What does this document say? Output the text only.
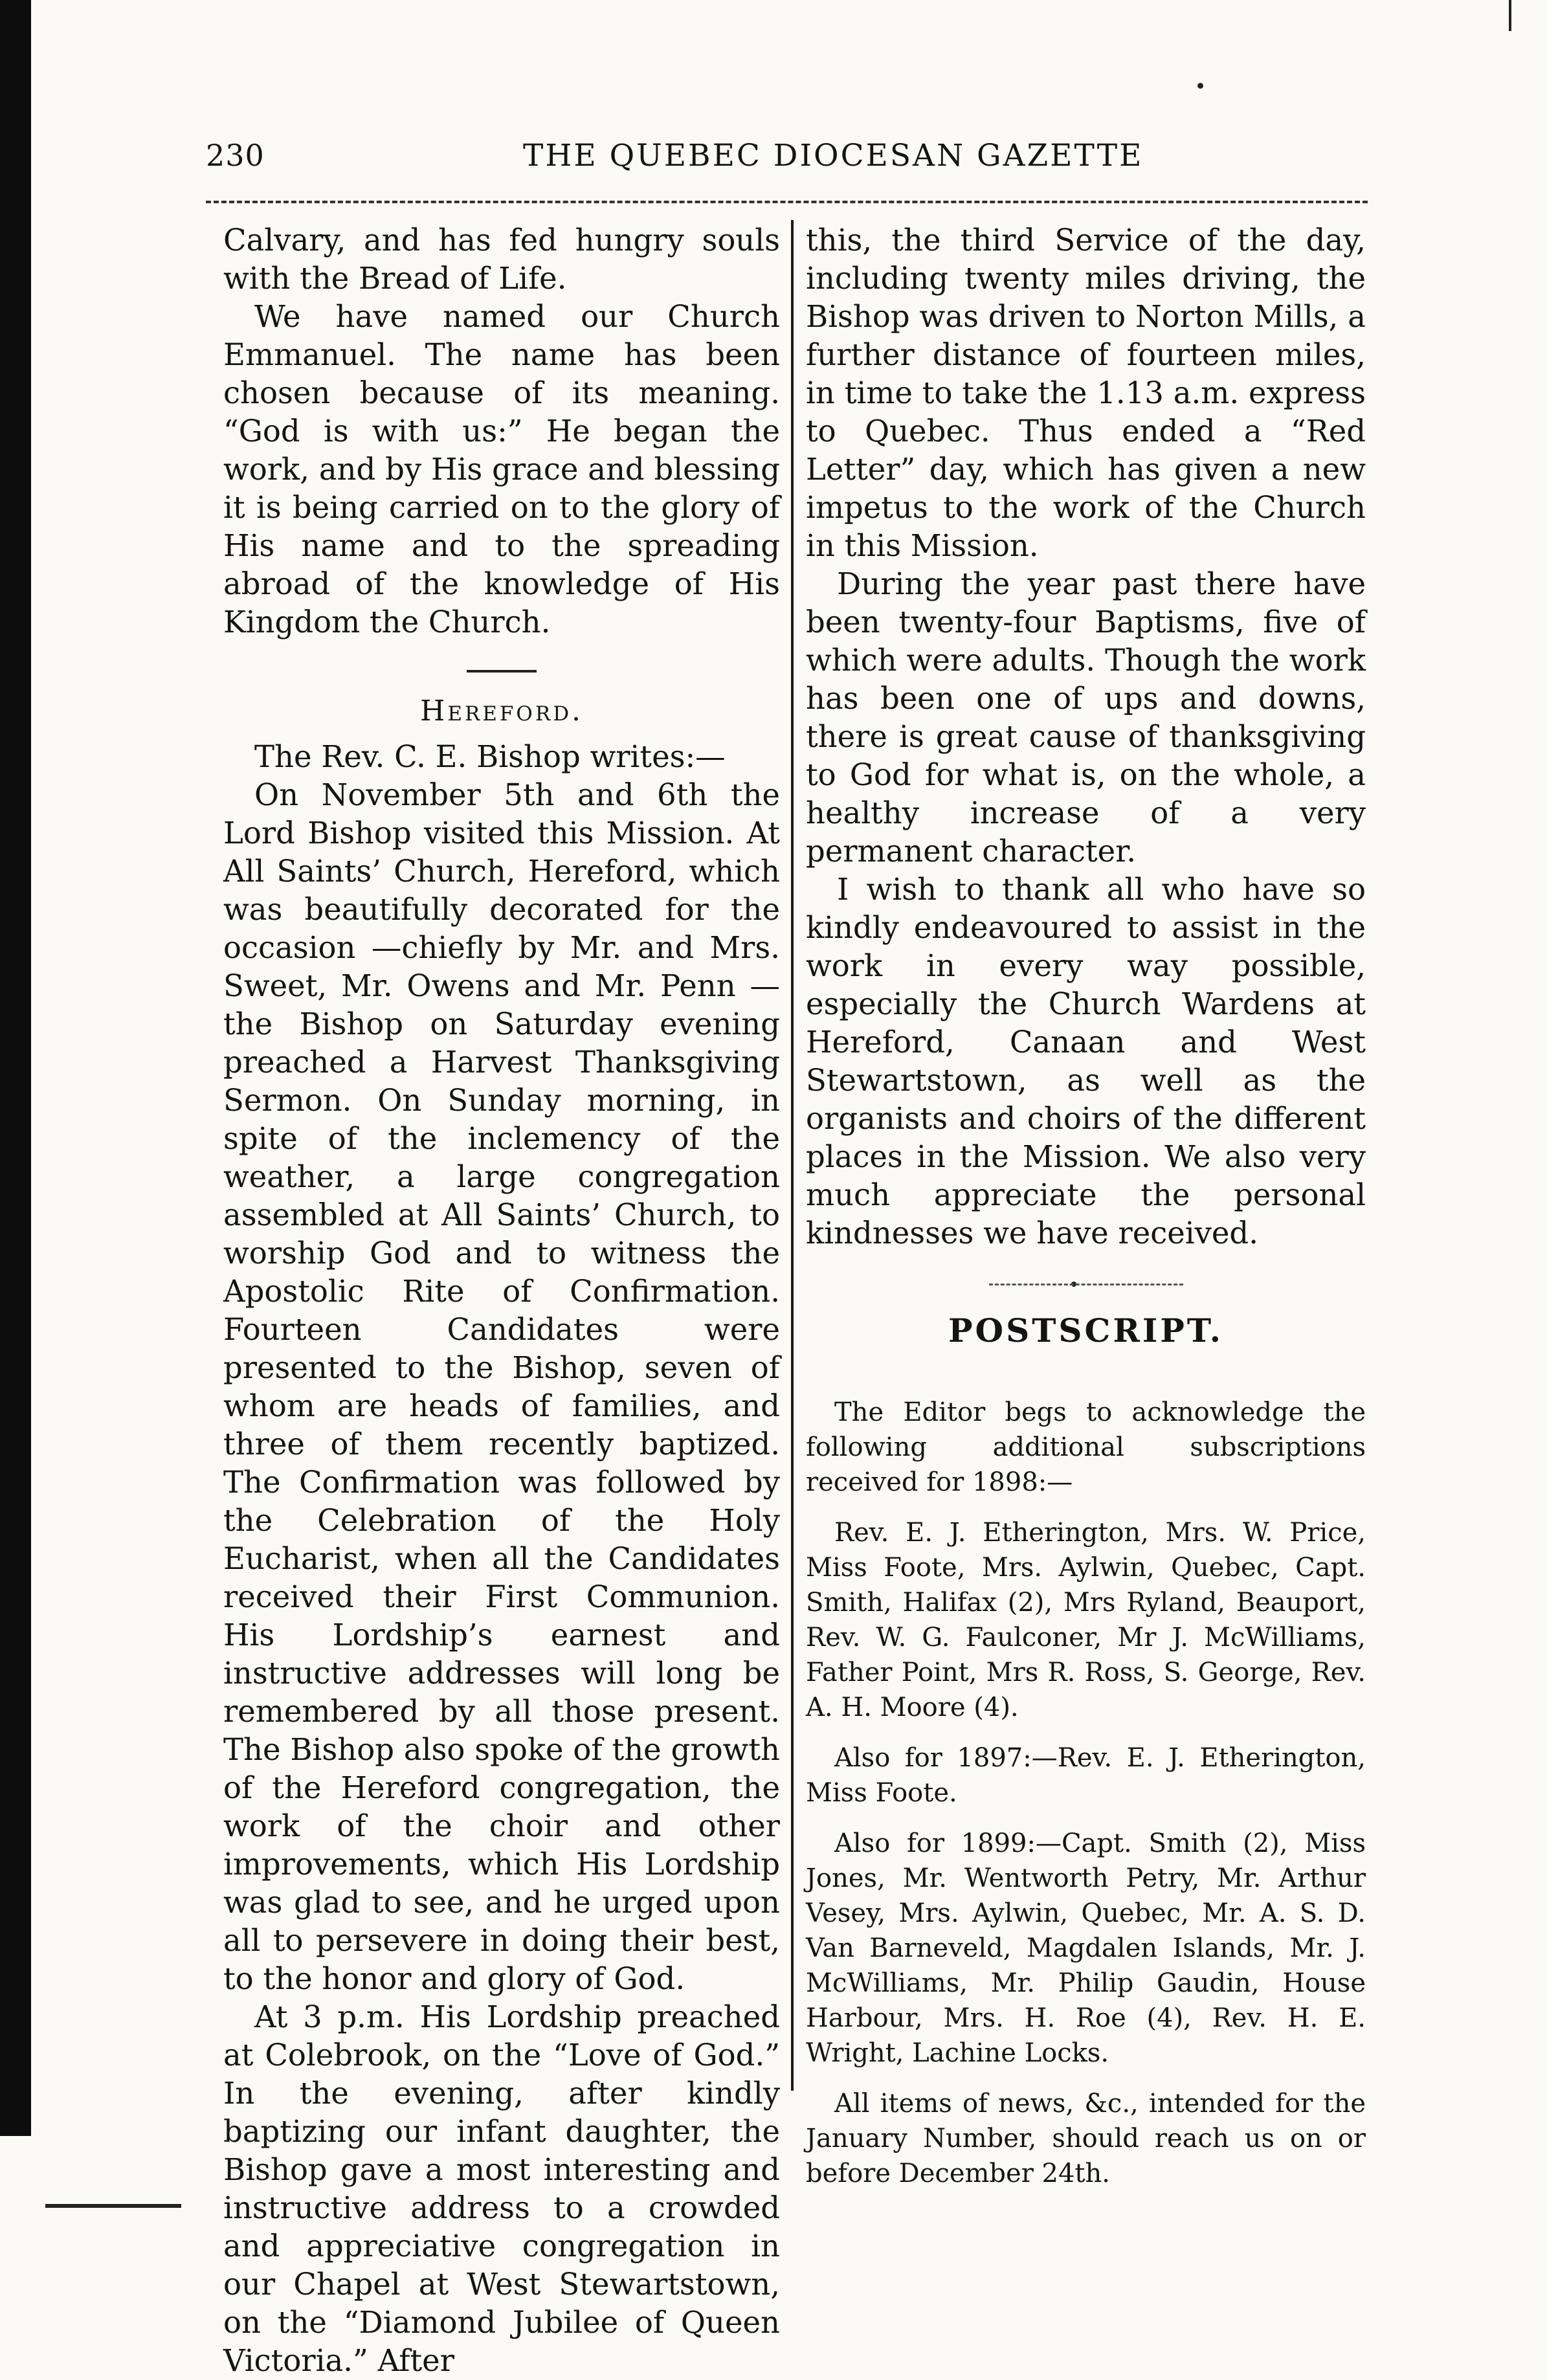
230	THE QUEBEC DIOCESAN GAZETTE

Calvary, and has fed hungry souls with the Bread of Life.

We have named our Church Emmanuel. The name has been chosen because of its meaning. “God is with us:” He began the work, and by His grace and blessing it is being carried on to the glory of His name and to the spreading abroad of the knowledge of His Kingdom the Church.

Hereford.

The Rev. C. E. Bishop writes:—

On November 5th and 6th the Lord Bishop visited this Mission. At All Saints’ Church, Hereford, which was beautifully decorated for the occasion —chiefly by Mr. and Mrs. Sweet, Mr. Owens and Mr. Penn —the Bishop on Saturday evening preached a Harvest Thanksgiving Sermon. On Sunday morning, in spite of the inclemency of the weather, a large congregation assembled at All Saints’ Church, to worship God and to witness the Apostolic Rite of Confirmation. Fourteen Candidates were presented to the Bishop, seven of whom are heads of families, and three of them recently baptized. The Confirmation was followed by the Celebration of the Holy Eucharist, when all the Candidates received their First Communion. His Lordship’s earnest and instructive addresses will long be remembered by all those present. The Bishop also spoke of the growth of the Hereford congregation, the work of the choir and other improvements, which His Lordship was glad to see, and he urged upon all to persevere in doing their best, to the honor and glory of God.

At 3 p.m. His Lordship preached at Colebrook, on the “Love of God.” In the evening, after kindly baptizing our infant daughter, the Bishop gave a most interesting and instructive address to a crowded and appreciative congregation in our Chapel at West Stewartstown, on the “Diamond Jubilee of Queen Victoria.” After

this, the third Service of the day, including twenty miles driving, the Bishop was driven to Norton Mills, a further distance of fourteen miles, in time to take the 1.13 a.m. express to Quebec. Thus ended a “Red Letter” day, which has given a new impetus to the work of the Church in this Mission.

During the year past there have been twenty-four Baptisms, five of which were adults. Though the work has been one of ups and downs, there is great cause of thanksgiving to God for what is, on the whole, a healthy increase of a very permanent character.

I wish to thank all who have so kindly endeavoured to assist in the work in every way possible, especially the Church Wardens at Hereford, Canaan and West Stewartstown, as well as the organists and choirs of the different places in the Mission. We also very much appreciate the personal kindnesses we have received.

POSTSCRIPT.

The Editor begs to acknowledge the following additional subscriptions received for 1898:—

Rev. E. J. Etherington, Mrs. W. Price, Miss Foote, Mrs. Aylwin, Quebec, Capt. Smith, Halifax (2), Mrs Ryland, Beauport, Rev. W. G. Faulconer, Mr J. McWilliams, Father Point, Mrs R. Ross, S. George, Rev. A. H. Moore (4).

Also for 1897:—Rev. E. J. Etherington, Miss Foote.

Also for 1899:—Capt. Smith (2), Miss Jones, Mr. Wentworth Petry, Mr. Arthur Vesey, Mrs. Aylwin, Quebec, Mr. A. S. D. Van Barneveld, Magdalen Islands, Mr. J. McWilliams, Mr. Philip Gaudin, House Harbour, Mrs. H. Roe (4), Rev. H. E. Wright, Lachine Locks.

All items of news, &c., intended for the January Number, should reach us on or before December 24th.
